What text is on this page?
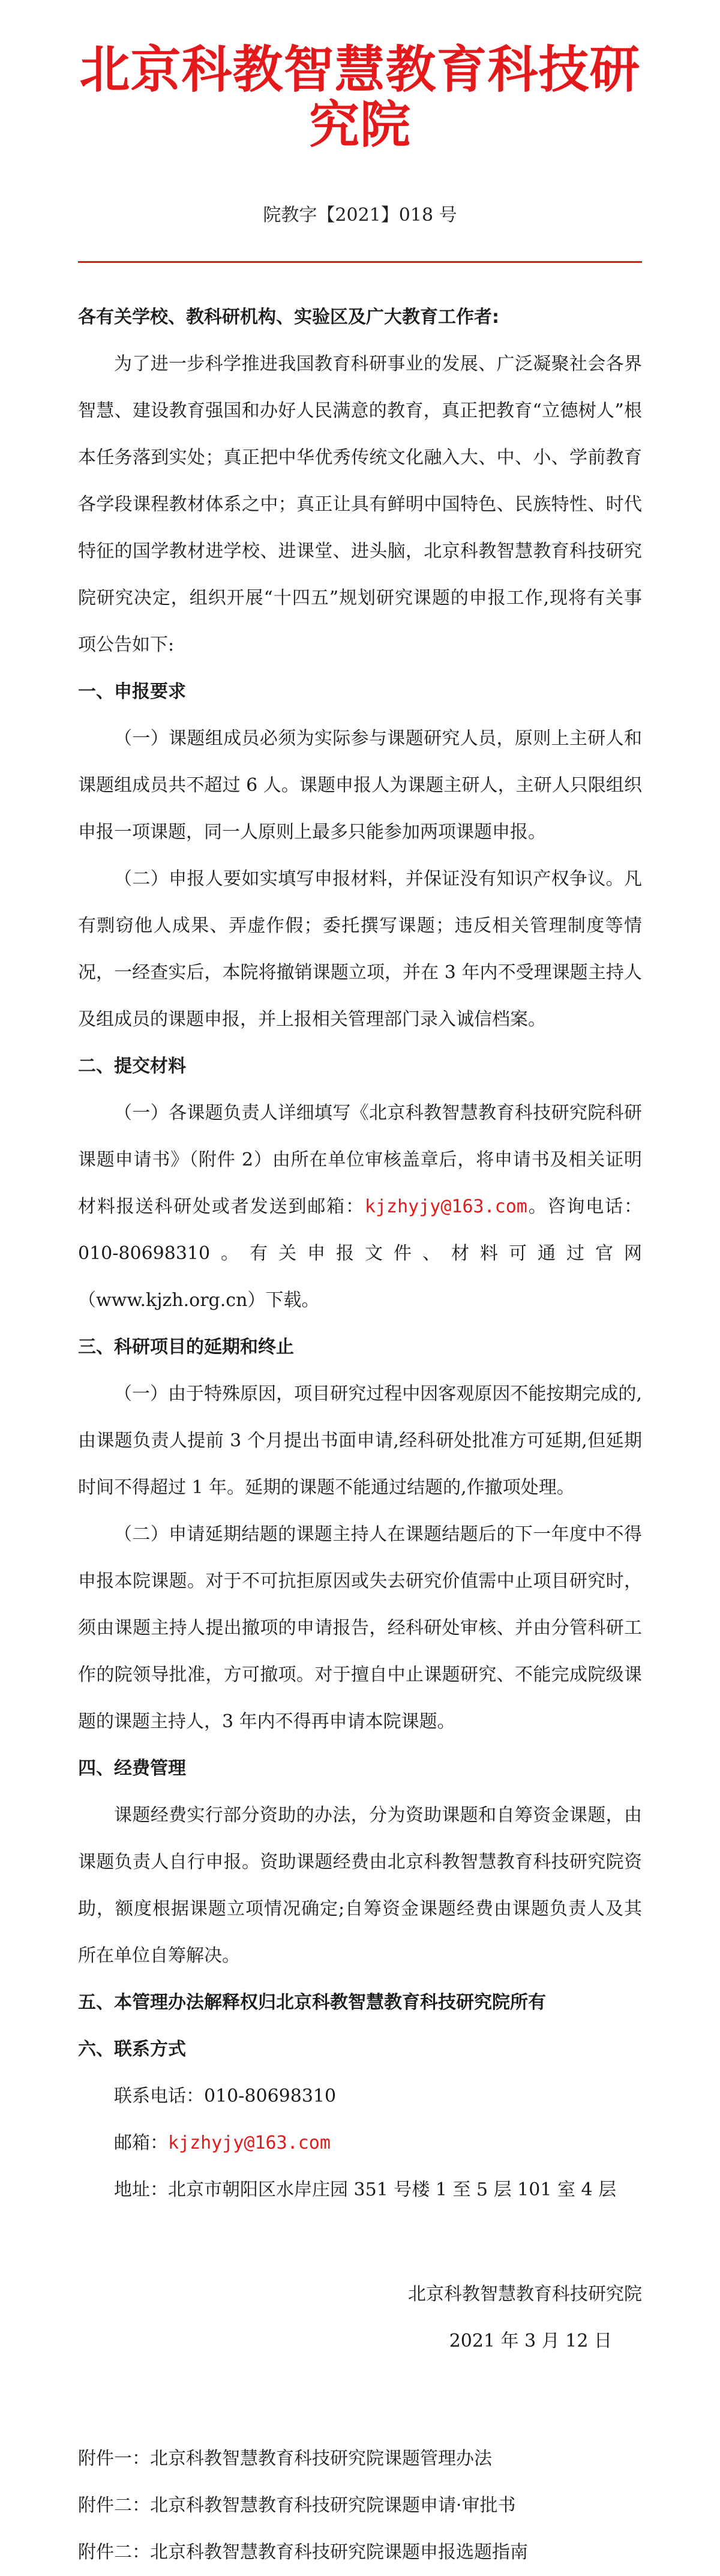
北京科教智慧教育科技研究院
院教字【2021】018 号

各有关学校、教科研机构、实验区及广大教育工作者:

为了进一步科学推进我国教育科研事业的发展、广泛凝聚社会各界智慧、建设教育强国和办好人民满意的教育，真正把教育“立德树人”根本任务落到实处；真正把中华优秀传统文化融入大、中、小、学前教育各学段课程教材体系之中；真正让具有鲜明中国特色、民族特性、时代特征的国学教材进学校、进课堂、进头脑，北京科教智慧教育科技研究院研究决定，组织开展“十四五”规划研究课题的申报工作,现将有关事项公告如下:

一、申报要求

（一）课题组成员必须为实际参与课题研究人员，原则上主研人和课题组成员共不超过 6 人。课题申报人为课题主研人，主研人只限组织申报一项课题，同一人原则上最多只能参加两项课题申报。

（二）申报人要如实填写申报材料，并保证没有知识产权争议。凡有剽窃他人成果、弄虚作假；委托撰写课题；违反相关管理制度等情况，一经查实后，本院将撤销课题立项，并在 3 年内不受理课题主持人及组成员的课题申报，并上报相关管理部门录入诚信档案。

二、提交材料

（一）各课题负责人详细填写《北京科教智慧教育科技研究院科研课题申请书》（附件 2）由所在单位审核盖章后，将申请书及相关证明材料报送科研处或者发送到邮箱：kjzhyjy@163.com。咨询电话：010-80698310。有关申报文件、材料可通过官网（www.kjzh.org.cn）下载。

三、科研项目的延期和终止

（一）由于特殊原因，项目研究过程中因客观原因不能按期完成的,由课题负责人提前 3 个月提出书面申请,经科研处批准方可延期,但延期时间不得超过 1 年。延期的课题不能通过结题的,作撤项处理。

（二）申请延期结题的课题主持人在课题结题后的下一年度中不得申报本院课题。对于不可抗拒原因或失去研究价值需中止项目研究时，须由课题主持人提出撤项的申请报告，经科研处审核、并由分管科研工作的院领导批准，方可撤项。对于擅自中止课题研究、不能完成院级课题的课题主持人，3 年内不得再申请本院课题。

四、经费管理

课题经费实行部分资助的办法，分为资助课题和自筹资金课题，由课题负责人自行申报。资助课题经费由北京科教智慧教育科技研究院资助，额度根据课题立项情况确定;自筹资金课题经费由课题负责人及其所在单位自筹解决。

五、本管理办法解释权归北京科教智慧教育科技研究院所有

六、联系方式

联系电话：010-80698310

邮箱：kjzhyjy@163.com

地址：北京市朝阳区水岸庄园 351 号楼 1 至 5 层 101 室 4 层

北京科教智慧教育科技研究院
2021 年 3 月 12 日
附件一：北京科教智慧教育科技研究院课题管理办法
附件二：北京科教智慧教育科技研究院课题申请·审批书
附件二：北京科教智慧教育科技研究院课题申报选题指南
